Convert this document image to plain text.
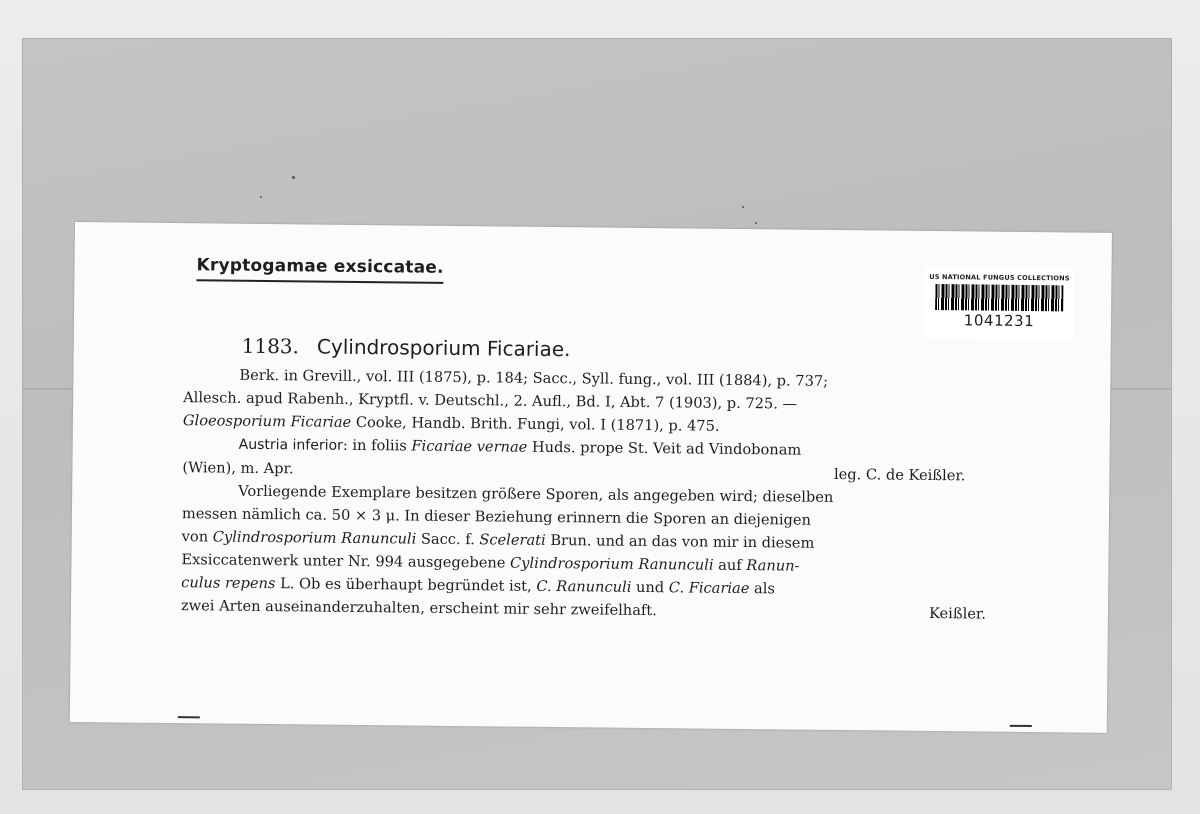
Kryptogamae exsiccatae.	US NATIONAL FUNGUS COLLECTIONS
1041231
1183. Cylindrosporium Ficariae.
Berk. in Grevill., vol. III (1875), p. 184; Sacc., Syll. fung., vol. III (1884), p. 737;
Allesch. apud Rabenh., Kryptfl. v. Deutschl., 2. Aufl., Bd. I, Abt. 7 (1903), p. 725. —
Gloeosporium Ficariae Cooke, Handb. Brith. Fungi, vol. I (1871), p. 475.
Austria inferior: in foliis Ficariae vernae Huds. prope St. Veit ad Vindobonam
(Wien), m. Apr.	leg. C. de Keißler.
Vorliegende Exemplare besitzen größere Sporen, als angegeben wird; dieselben
messen nämlich ca. 50 ⨯ 3 μ. In dieser Beziehung erinnern die Sporen an diejenigen
von Cylindrosporium Ranunculi Sacc. f. Scelerati Brun. und an das von mir in diesem
Exsiccatenwerk unter Nr. 994 ausgegebene Cylindrosporium Ranunculi auf Ranun-
culus repens L. Ob es überhaupt begründet ist, C. Ranunculi und C. Ficariae als
zwei Arten auseinanderzuhalten, erscheint mir sehr zweifelhaft.	Keißler.
